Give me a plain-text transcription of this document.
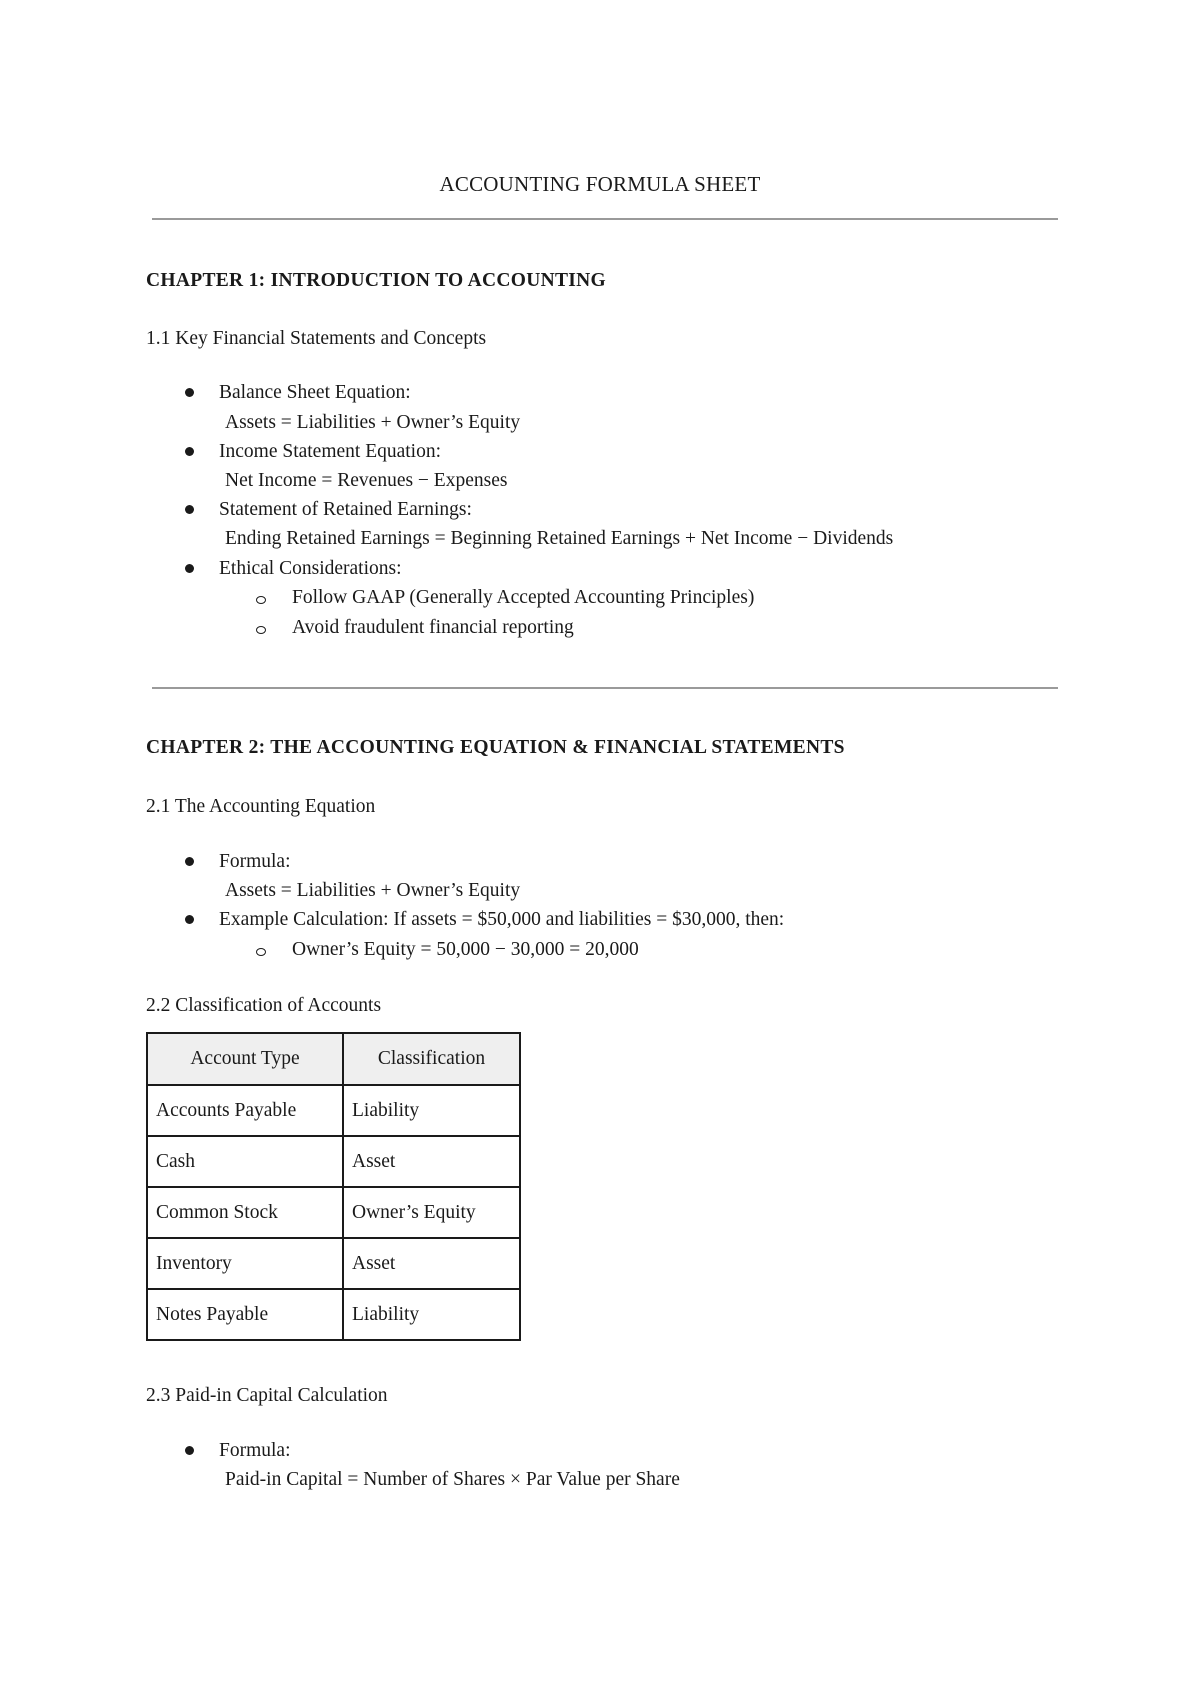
ACCOUNTING FORMULA SHEET
CHAPTER 1: INTRODUCTION TO ACCOUNTING
1.1 Key Financial Statements and Concepts
Balance Sheet Equation:
Assets = Liabilities + Owner’s Equity
Income Statement Equation:
Net Income = Revenues − Expenses
Statement of Retained Earnings:
Ending Retained Earnings = Beginning Retained Earnings + Net Income − Dividends
Ethical Considerations:
Follow GAAP (Generally Accepted Accounting Principles)
Avoid fraudulent financial reporting
CHAPTER 2: THE ACCOUNTING EQUATION & FINANCIAL STATEMENTS
2.1 The Accounting Equation
Formula:
Assets = Liabilities + Owner’s Equity
Example Calculation: If assets = $50,000 and liabilities = $30,000, then:
Owner’s Equity = 50,000 − 30,000 = 20,000
2.2 Classification of Accounts
Account Type	Classification
Accounts Payable	Liability
Cash	Asset
Common Stock	Owner’s Equity
Inventory	Asset
Notes Payable	Liability
2.3 Paid-in Capital Calculation
Formula:
Paid-in Capital = Number of Shares × Par Value per Share
